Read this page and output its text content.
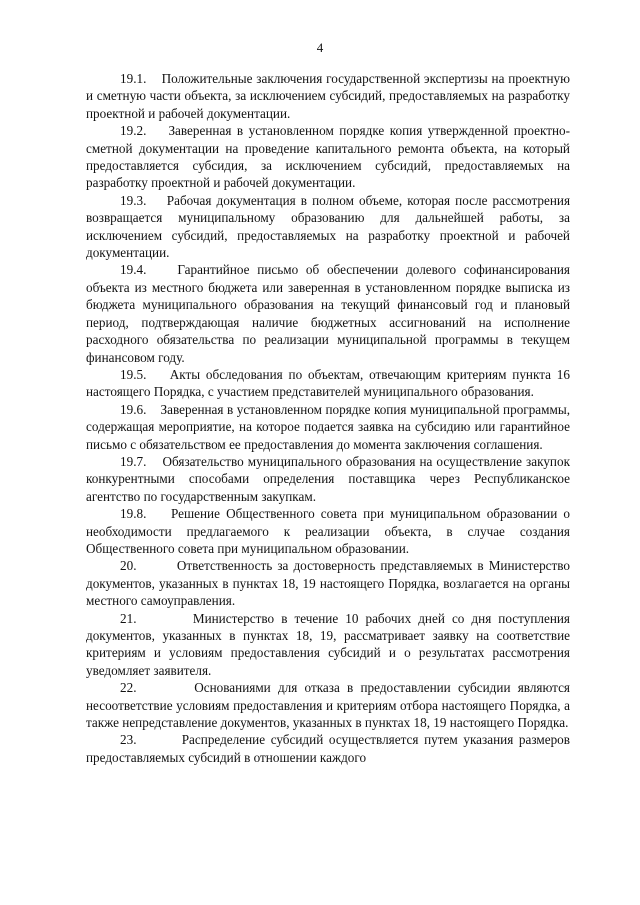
4

19.1. Положительные заключения государственной экспертизы на проектную и сметную части объекта, за исключением субсидий, предоставляемых на разработку проектной и рабочей документации.

19.2. Заверенная в установленном порядке копия утвержденной проектно-сметной документации на проведение капитального ремонта объекта, на который предоставляется субсидия, за исключением субсидий, предоставляемых на разработку проектной и рабочей документации.

19.3. Рабочая документация в полном объеме, которая после рассмотрения возвращается муниципальному образованию для дальнейшей работы, за исключением субсидий, предоставляемых на разработку проектной и рабочей документации.

19.4. Гарантийное письмо об обеспечении долевого софинансирования объекта из местного бюджета или заверенная в установленном порядке выписка из бюджета муниципального образования на текущий финансовый год и плановый период, подтверждающая наличие бюджетных ассигнований на исполнение расходного обязательства по реализации муниципальной программы в текущем финансовом году.

19.5. Акты обследования по объектам, отвечающим критериям пункта 16 настоящего Порядка, с участием представителей муниципального образования.

19.6. Заверенная в установленном порядке копия муниципальной программы, содержащая мероприятие, на которое подается заявка на субсидию или гарантийное письмо с обязательством ее предоставления до момента заключения соглашения.

19.7. Обязательство муниципального образования на осуществление закупок конкурентными способами определения поставщика через Республиканское агентство по государственным закупкам.

19.8. Решение Общественного совета при муниципальном образовании о необходимости предлагаемого к реализации объекта, в случае создания Общественного совета при муниципальном образовании.

20.	Ответственность за достоверность представляемых в Министерство документов, указанных в пунктах 18, 19 настоящего Порядка, возлагается на органы местного самоуправления.

21.	Министерство в течение 10 рабочих дней со дня поступления документов, указанных в пунктах 18, 19, рассматривает заявку на соответствие критериям и условиям предоставления субсидий и о результатах рассмотрения уведомляет заявителя.

22.	Основаниями для отказа в предоставлении субсидии являются несоответствие условиям предоставления и критериям отбора настоящего Порядка, а также непредставление документов, указанных в пунктах 18, 19 настоящего Порядка.

23.	Распределение субсидий осуществляется путем указания размеров предоставляемых субсидий в отношении каждого
